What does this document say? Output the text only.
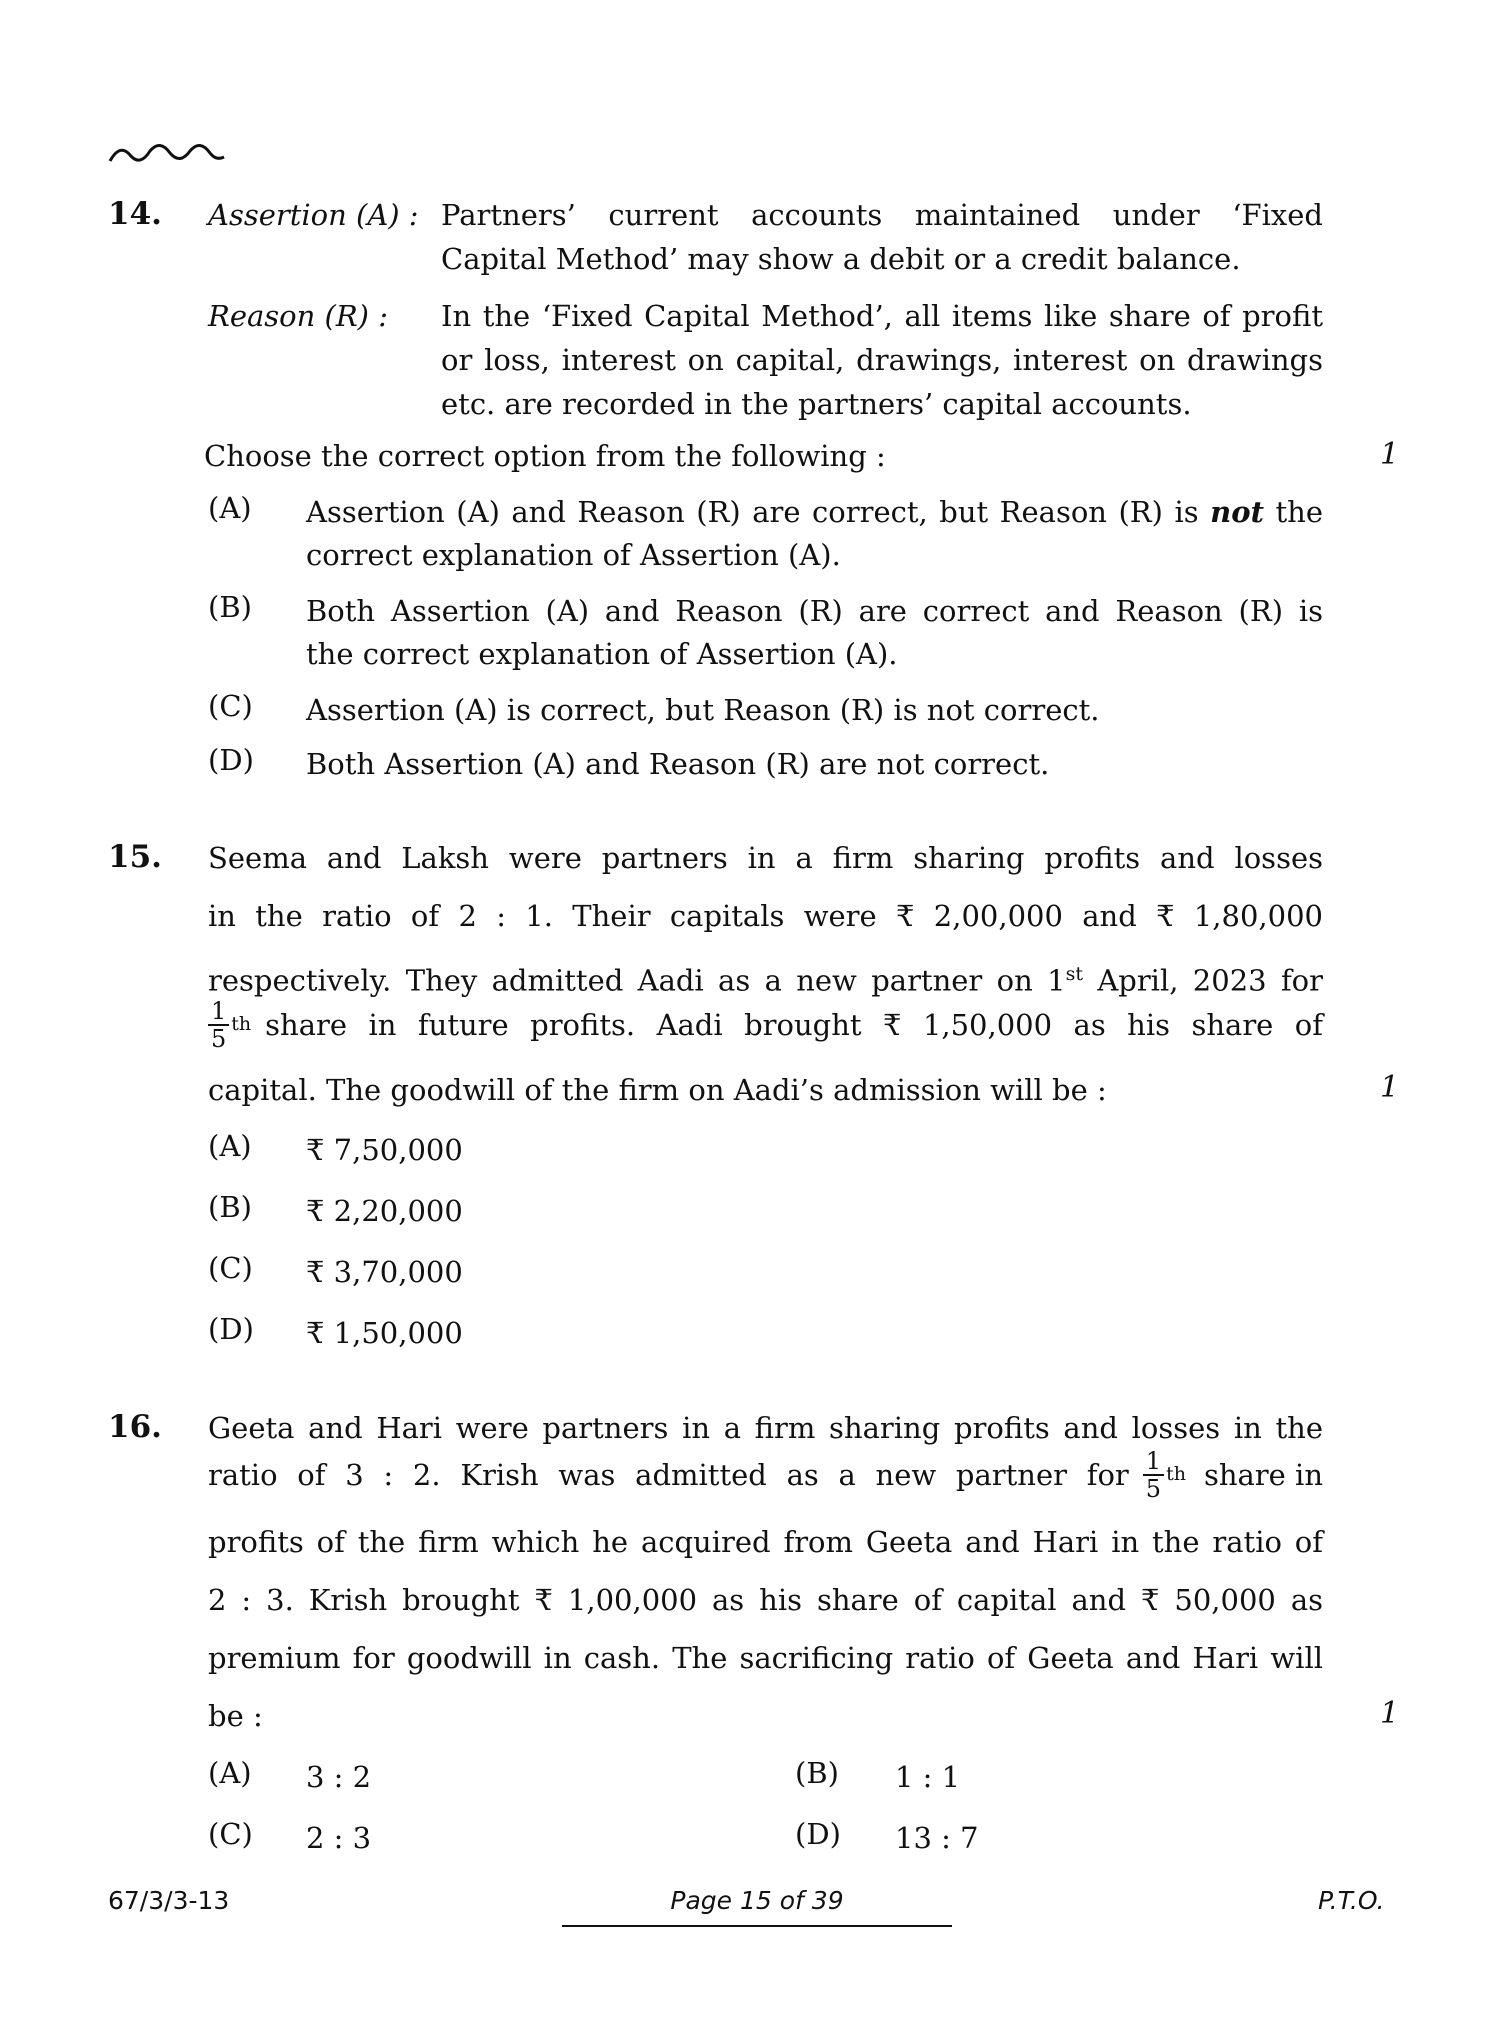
14. Assertion (A) : Partners’ current accounts maintained under ‘Fixed
Capital Method’ may show a debit or a credit balance.
Reason (R) : In the ‘Fixed Capital Method’, all items like share of profit
or loss, interest on capital, drawings, interest on drawings
etc. are recorded in the partners’ capital accounts.
Choose the correct option from the following :	1
(A) Assertion (A) and Reason (R) are correct, but Reason (R) is not the
correct explanation of Assertion (A).
(B) Both Assertion (A) and Reason (R) are correct and Reason (R) is
the correct explanation of Assertion (A).
(C) Assertion (A) is correct, but Reason (R) is not correct.
(D) Both Assertion (A) and Reason (R) are not correct.
15. Seema and Laksh were partners in a firm sharing profits and losses
in the ratio of 2 : 1. Their capitals were ₹ 2,00,000 and ₹ 1,80,000
respectively. They admitted Aadi as a new partner on 1st April, 2023 for
$\frac{1}{5}$ th share in future profits. Aadi brought ₹ 1,50,000 as his share of
capital. The goodwill of the firm on Aadi’s admission will be :	1
(A) ₹ 7,50,000
(B) ₹ 2,20,000
(C) ₹ 3,70,000
(D) ₹ 1,50,000
16. Geeta and Hari were partners in a firm sharing profits and losses in the
ratio of 3 : 2. Krish was admitted as a new partner for $\frac{1}{5}$ th share in
profits of the firm which he acquired from Geeta and Hari in the ratio of
2 : 3. Krish brought ₹ 1,00,000 as his share of capital and ₹ 50,000 as
premium for goodwill in cash. The sacrificing ratio of Geeta and Hari will
be :	1
(A) 3 : 2	(B) 1 : 1
(C) 2 : 3	(D) 13 : 7
67/3/3-13	Page 15 of 39	P.T.O.
